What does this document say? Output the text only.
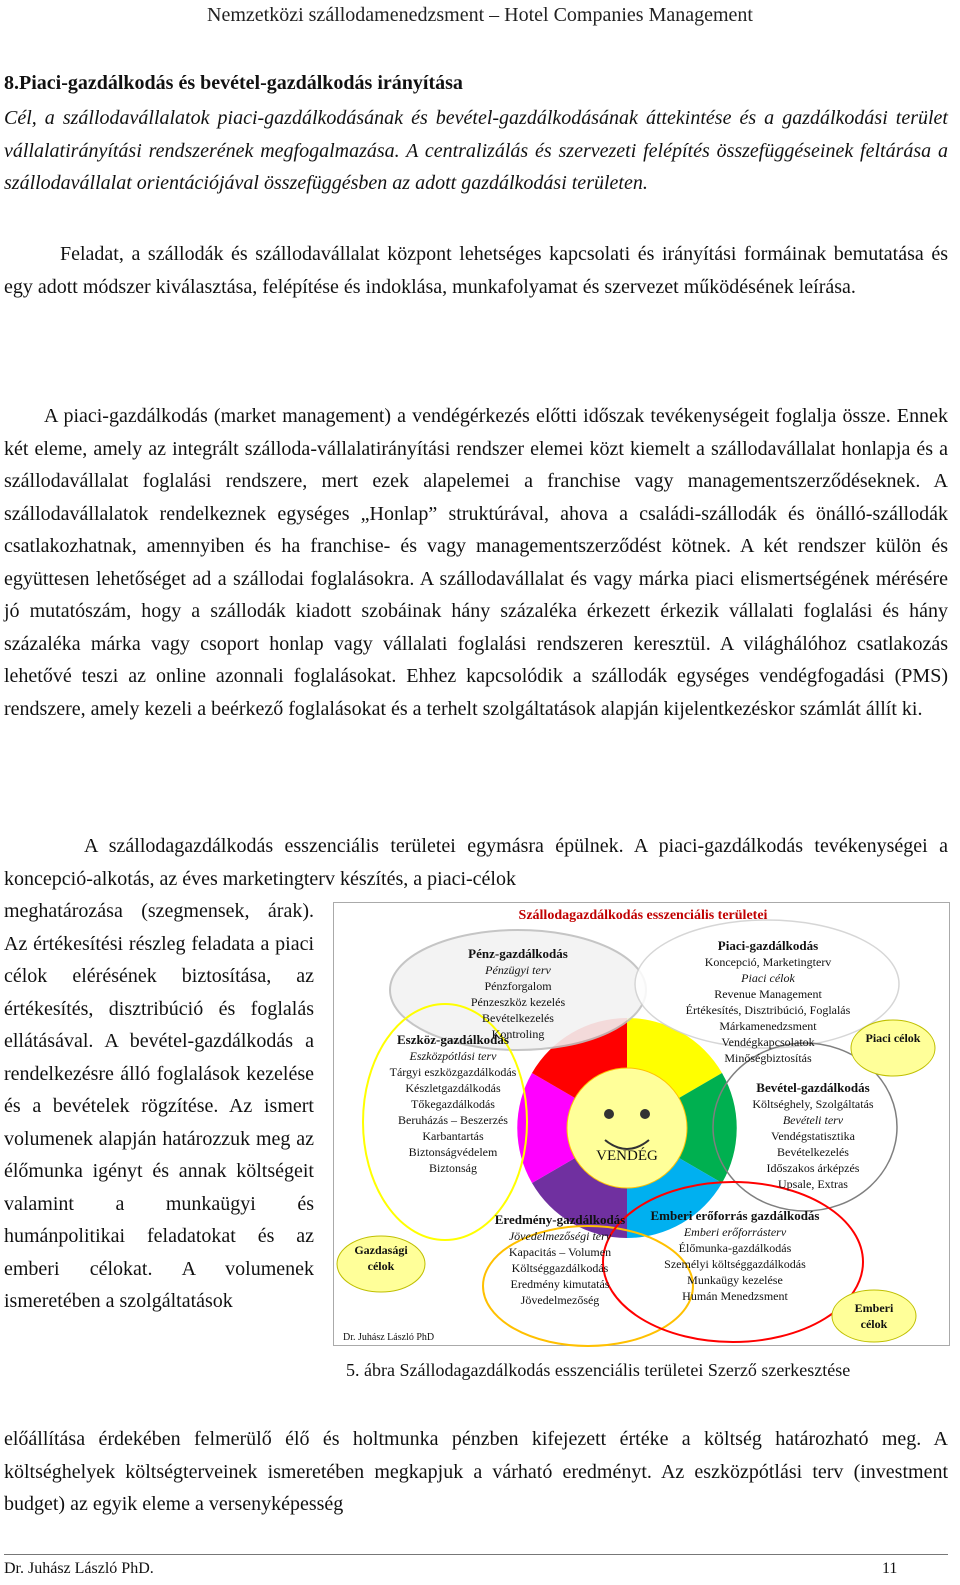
Nemzetközi szállodamenedzsment – Hotel Companies Management
8.Piaci-gazdálkodás és bevétel-gazdálkodás irányítása

Cél, a szállodavállalatok piaci-gazdálkodásának és bevétel-gazdálkodásának áttekintése és a gazdálkodási terület vállalatirányítási rendszerének megfogalmazása. A centralizálás és szervezeti felépítés összefüggéseinek feltárása a szállodavállalat orientációjával összefüggésben az adott gazdálkodási területen.

Feladat, a szállodák és szállodavállalat központ lehetséges kapcsolati és irányítási formáinak bemutatása és egy adott módszer kiválasztása, felépítése és indoklása, munkafolyamat és szervezet működésének leírása.

A piaci-gazdálkodás (market management) a vendégérkezés előtti időszak tevékenységeit foglalja össze. Ennek két eleme, amely az integrált szálloda-vállalatirányítási rendszer elemei közt kiemelt a szállodavállalat honlapja és a szállodavállalat foglalási rendszere, mert ezek alapelemei a franchise vagy managementszerződéseknek. A szállodavállalatok rendelkeznek egységes „Honlap” struktúrával, ahova a családi-szállodák és önálló-szállodák csatlakozhatnak, amennyiben és ha franchise- és vagy managementszerződést kötnek. A két rendszer külön és együttesen lehetőséget ad a szállodai foglalásokra. A szállodavállalat és vagy márka piaci elismertségének mérésére jó mutatószám, hogy a szállodák kiadott szobáinak hány százaléka érkezett érkezik vállalati foglalási és hány százaléka márka vagy csoport honlap vagy vállalati foglalási rendszeren keresztül. A világhálóhoz csatlakozás lehetővé teszi az online azonnali foglalásokat. Ehhez kapcsolódik a szállodák egységes vendégfogadási (PMS) rendszere, amely kezeli a beérkező foglalásokat és a terhelt szolgáltatások alapján kijelentkezéskor számlát állít ki.

A szállodagazdálkodás esszenciális területei egymásra épülnek. A piaci-gazdálkodás tevékenységei a koncepció-alkotás, az éves marketingterv készítés, a piaci-célok

meghatározása (szegmensek, árak). Az értékesítési részleg feladata a piaci célok elérésének biztosítása, az értékesítés, disztribúció és foglalás ellátásával. A bevétel-gazdálkodás a rendelkezésre álló foglalások kezelése és a bevételek rögzítése. Az ismert volumenek alapján határozzuk meg az élőmunka igényt és annak költségeit valamint a munkaügyi és humánpolitikai feladatokat és az emberi célokat. A volumenek ismeretében a szolgáltatások

előállítása érdekében felmerülő élő és holtmunka pénzben kifejezett értéke a költség határozható meg. A költséghelyek költségterveinek ismeretében megkapjuk a várható eredményt. Az eszközpótlási terv (investment budget) az egyik eleme a versenyképesség

Szállodagazdálkodás esszenciális területei
VENDÉG
Pénz-gazdálkodás
Pénzügyi terv
Pénzforgalom
Pénzeszköz kezelés
Bevételkezelés
Kontroling
Piaci-gazdálkodás
Koncepció, Marketingterv
Piaci célok
Revenue Management
Értékesítés, Disztribúció, Foglalás
Márkamenedzsment
Vendégkapcsolatok
Minőségbiztosítás
Piaci célok
Eszköz-gazdálkodás
Eszközpótlási terv
Tárgyi eszközgazdálkodás
Készletgazdálkodás
Tőkegazdálkodás
Beruházás – Beszerzés
Karbantartás
Biztonságvédelem
Biztonság
Bevétel-gazdálkodás
Költséghely, Szolgáltatás
Bevételi terv
Vendégstatisztika
Bevételkezelés
Időszakos árképzés
Upsale, Extras
Gazdasági célok
Eredmény-gazdálkodás
Jövedelmezőségi terv
Kapacitás – Volumen
Költséggazdálkodás
Eredmény kimutatás
Jövedelmezőség
Emberi erőforrás gazdálkodás
Emberi erőforrásterv
Élőmunka-gazdálkodás
Személyi költséggazdálkodás
Munkaügy kezelése
Humán Menedzsment
Emberi célok
Dr. Juhász László PhD
5. ábra Szállodagazdálkodás esszenciális területei Szerző szerkesztése
Dr. Juhász László PhD.	11
